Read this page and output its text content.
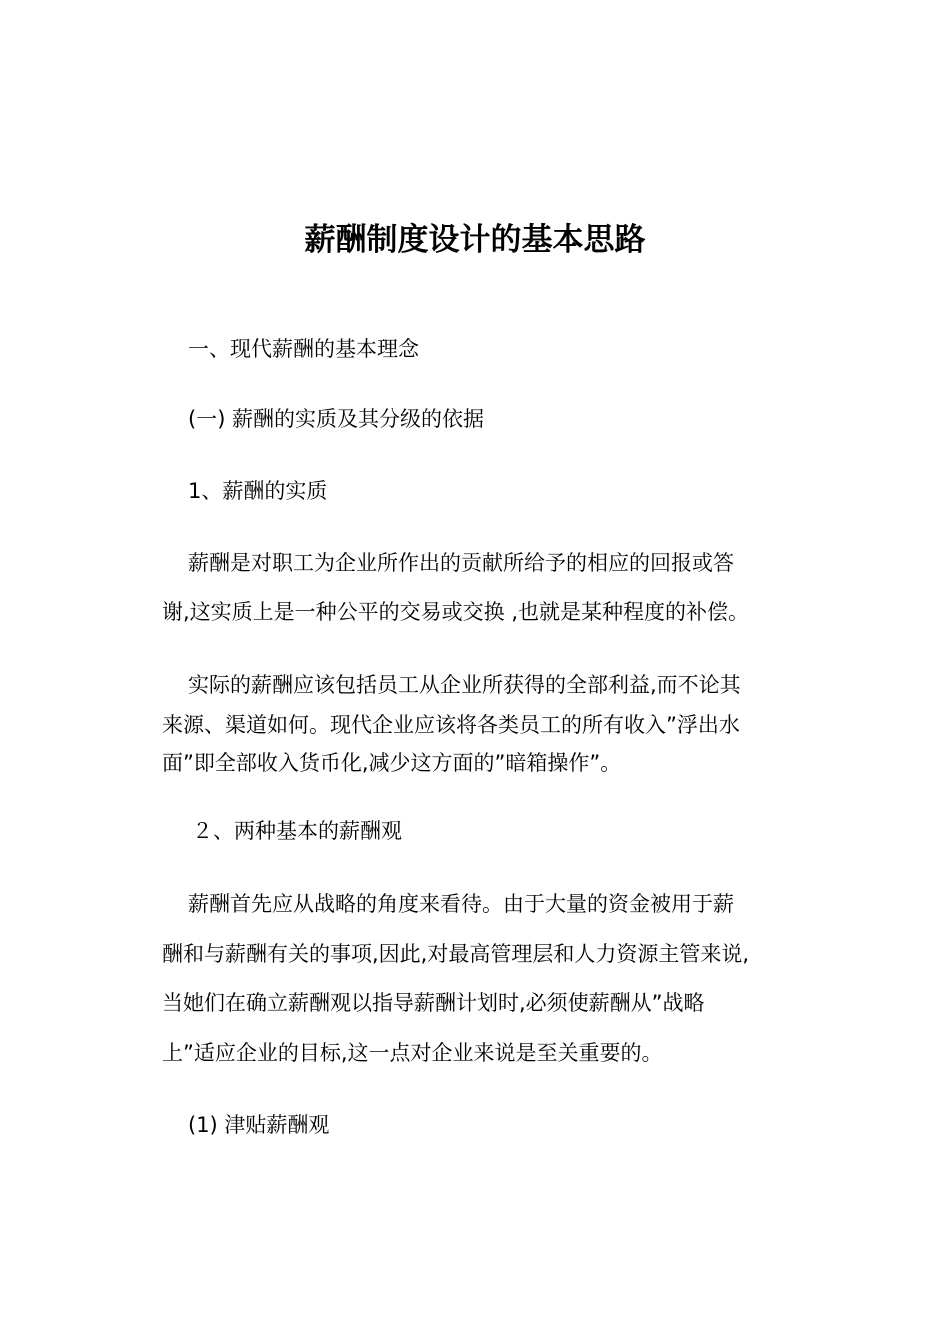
薪酬制度设计的基本思路
一、现代薪酬的基本理念
(一) 薪酬的实质及其分级的依据
1、薪酬的实质
薪酬是对职工为企业所作出的贡献所给予的相应的回报或答
谢,这实质上是一种公平的交易或交换 ,也就是某种程度的补偿。
实际的薪酬应该包括员工从企业所获得的全部利益,而不论其
来源、渠道如何。现代企业应该将各类员工的所有收入”浮出水
面”即全部收入货币化,减少这方面的”暗箱操作”。
２、两种基本的薪酬观
薪酬首先应从战略的角度来看待。由于大量的资金被用于薪
酬和与薪酬有关的事项,因此,对最高管理层和人力资源主管来说,
当她们在确立薪酬观以指导薪酬计划时,必须使薪酬从”战略
上”适应企业的目标,这一点对企业来说是至关重要的。
(1) 津贴薪酬观
